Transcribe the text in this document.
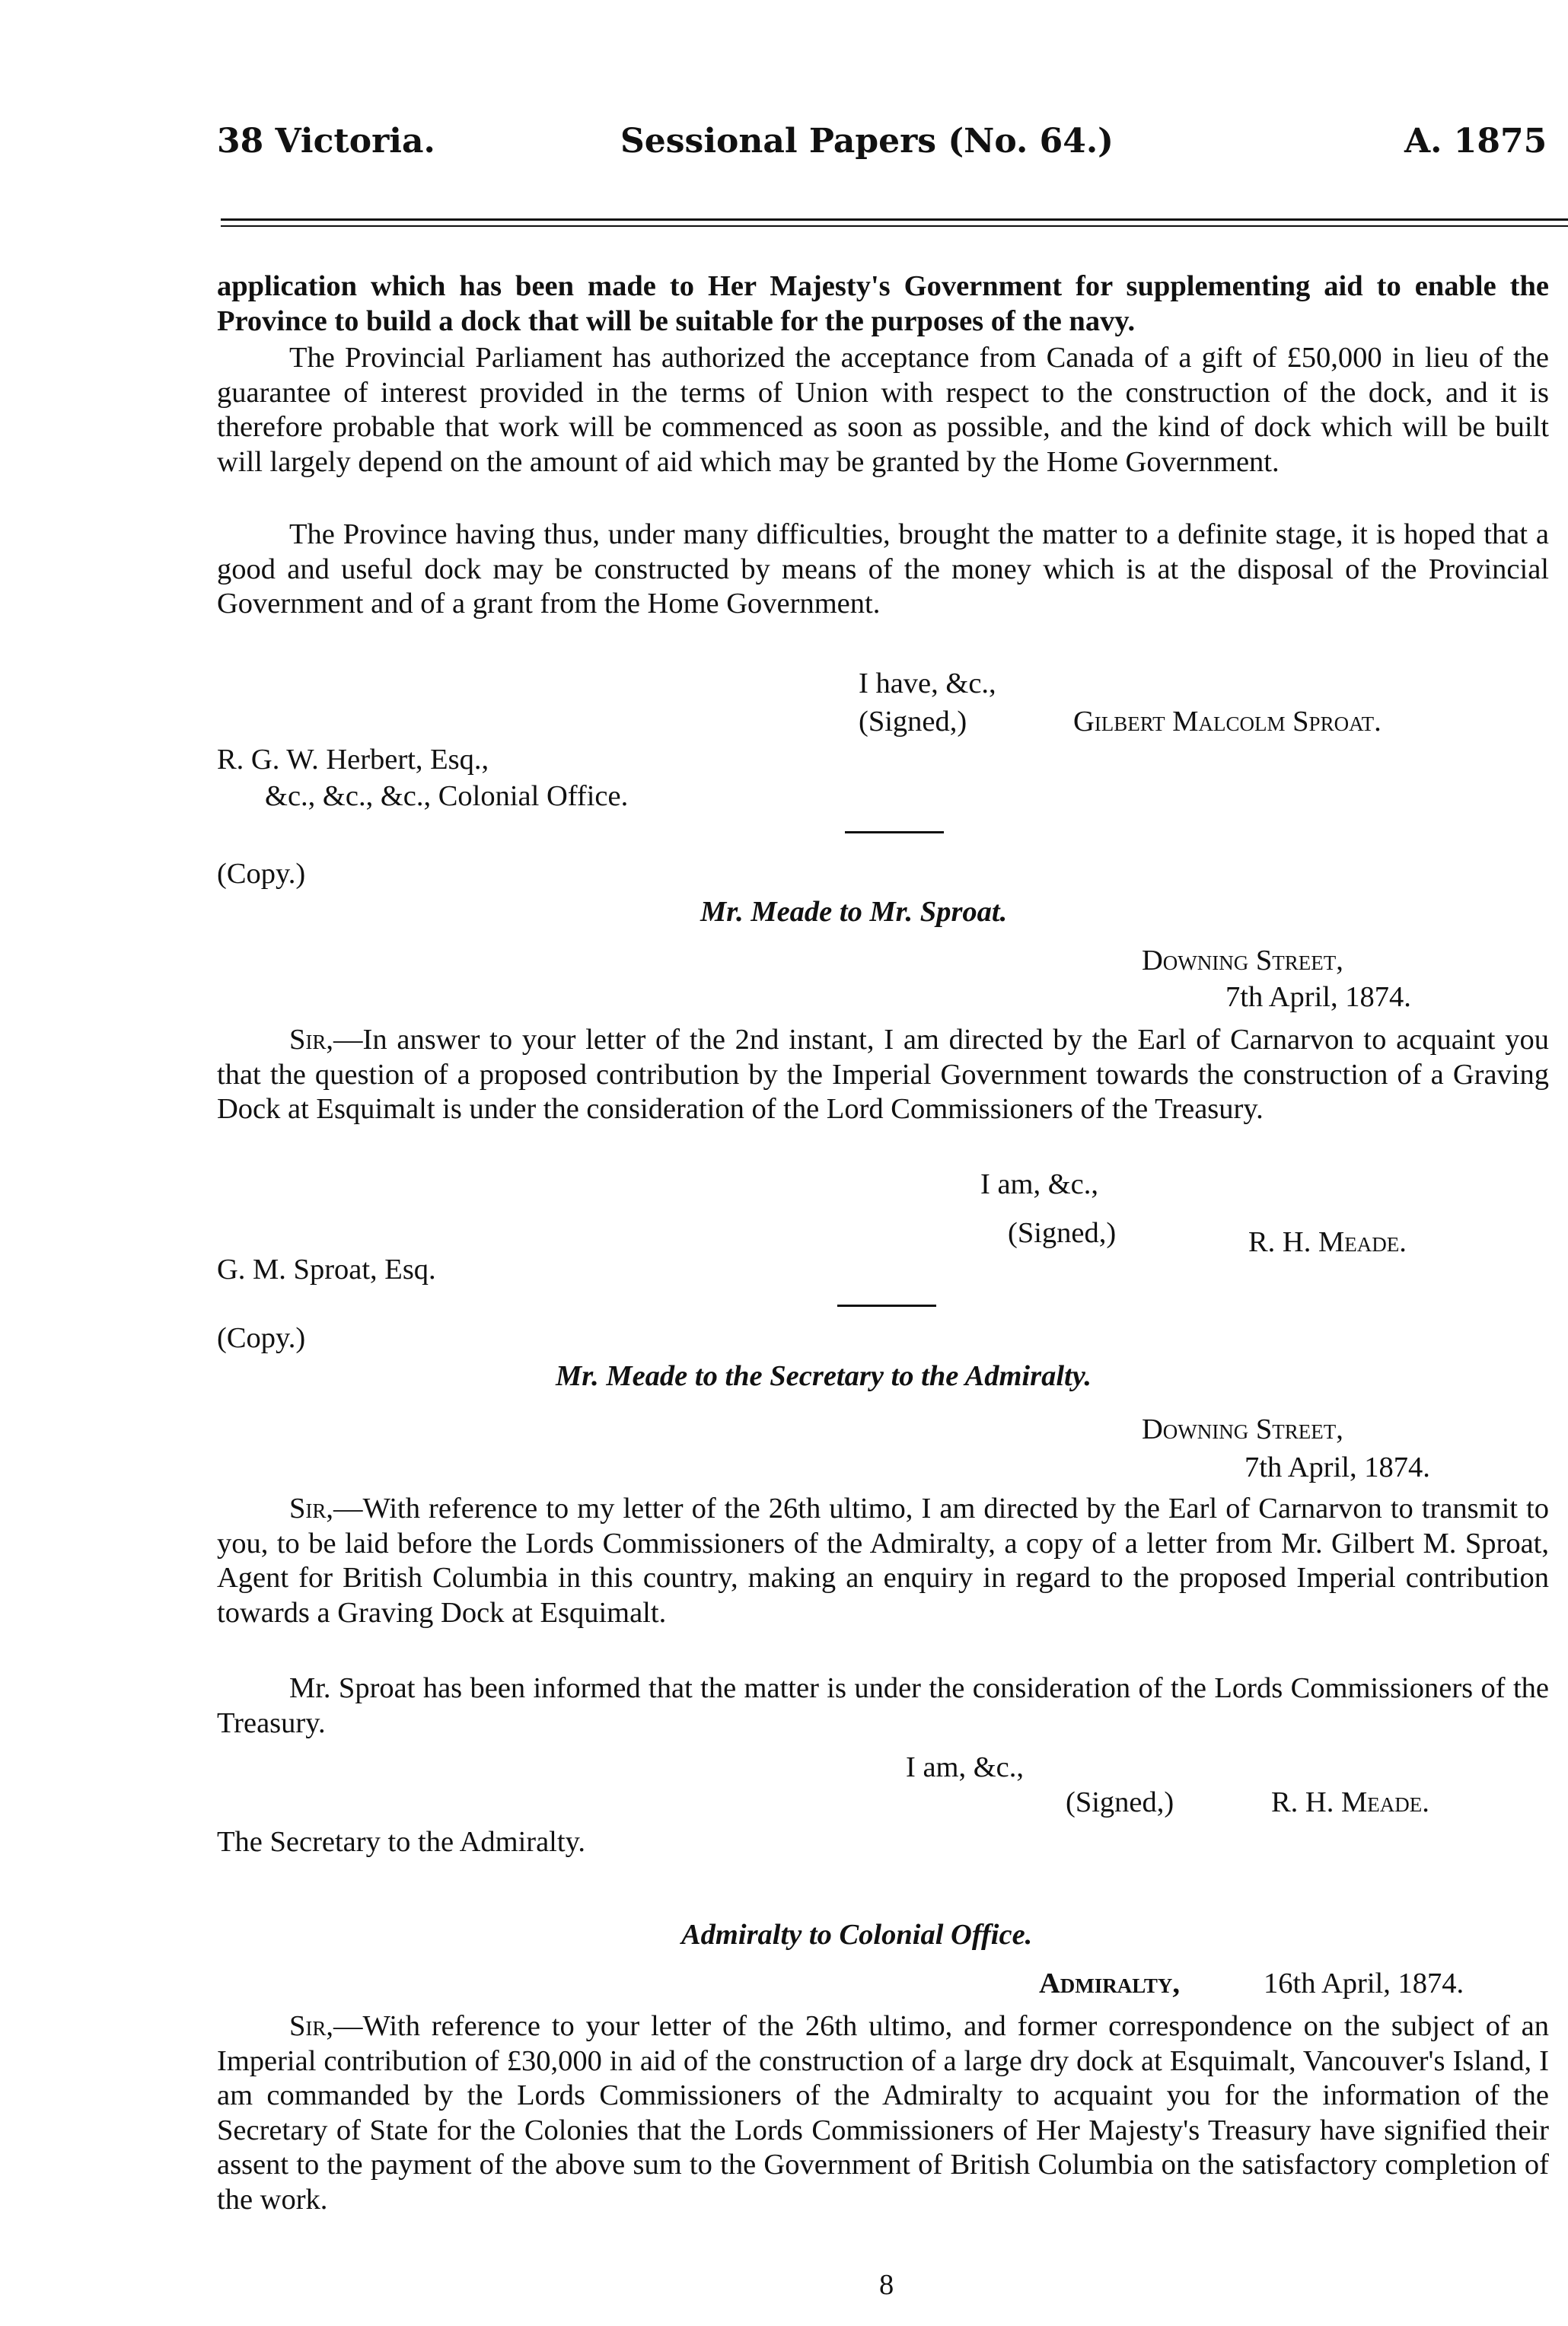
38 Victoria.	Sessional Papers (No. 64.)	A. 1875
application which has been made to Her Majesty's Government for supplementing aid to enable the Province to build a dock that will be suitable for the purposes of the navy.
The Provincial Parliament has authorized the acceptance from Canada of a gift of £50,000 in lieu of the guarantee of interest provided in the terms of Union with respect to the construction of the dock, and it is therefore probable that work will be commenced as soon as possible, and the kind of dock which will be built will largely depend on the amount of aid which may be granted by the Home Government.
The Province having thus, under many difficulties, brought the matter to a definite stage, it is hoped that a good and useful dock may be constructed by means of the money which is at the disposal of the Provincial Government and of a grant from the Home Government.
I have, &c.,
(Signed,)	Gilbert Malcolm Sproat.
R. G. W. Herbert, Esq.,
&c., &c., &c., Colonial Office.
(Copy.)
Mr. Meade to Mr. Sproat.
Downing Street,
7th April, 1874.
Sir,—In answer to your letter of the 2nd instant, I am directed by the Earl of Carnarvon to acquaint you that the question of a proposed contribution by the Imperial Government towards the construction of a Graving Dock at Esquimalt is under the consideration of the Lord Commissioners of the Treasury.
I am, &c.,
(Signed,)	R. H. Meade.
G. M. Sproat, Esq.
(Copy.)
Mr. Meade to the Secretary to the Admiralty.
Downing Street,
7th April, 1874.
Sir,—With reference to my letter of the 26th ultimo, I am directed by the Earl of Carnarvon to transmit to you, to be laid before the Lords Commissioners of the Admiralty, a copy of a letter from Mr. Gilbert M. Sproat, Agent for British Columbia in this country, making an enquiry in regard to the proposed Imperial contribution towards a Graving Dock at Esquimalt.
Mr. Sproat has been informed that the matter is under the consideration of the Lords Commissioners of the Treasury.
I am, &c.,
(Signed,)	R. H. Meade.
The Secretary to the Admiralty.
Admiralty to Colonial Office.
Admiralty,	16th April, 1874.
Sir,—With reference to your letter of the 26th ultimo, and former correspondence on the subject of an Imperial contribution of £30,000 in aid of the construction of a large dry dock at Esquimalt, Vancouver's Island, I am commanded by the Lords Commissioners of the Admiralty to acquaint you for the information of the Secretary of State for the Colonies that the Lords Commissioners of Her Majesty's Treasury have signified their assent to the payment of the above sum to the Government of British Columbia on the satisfactory completion of the work.
8
